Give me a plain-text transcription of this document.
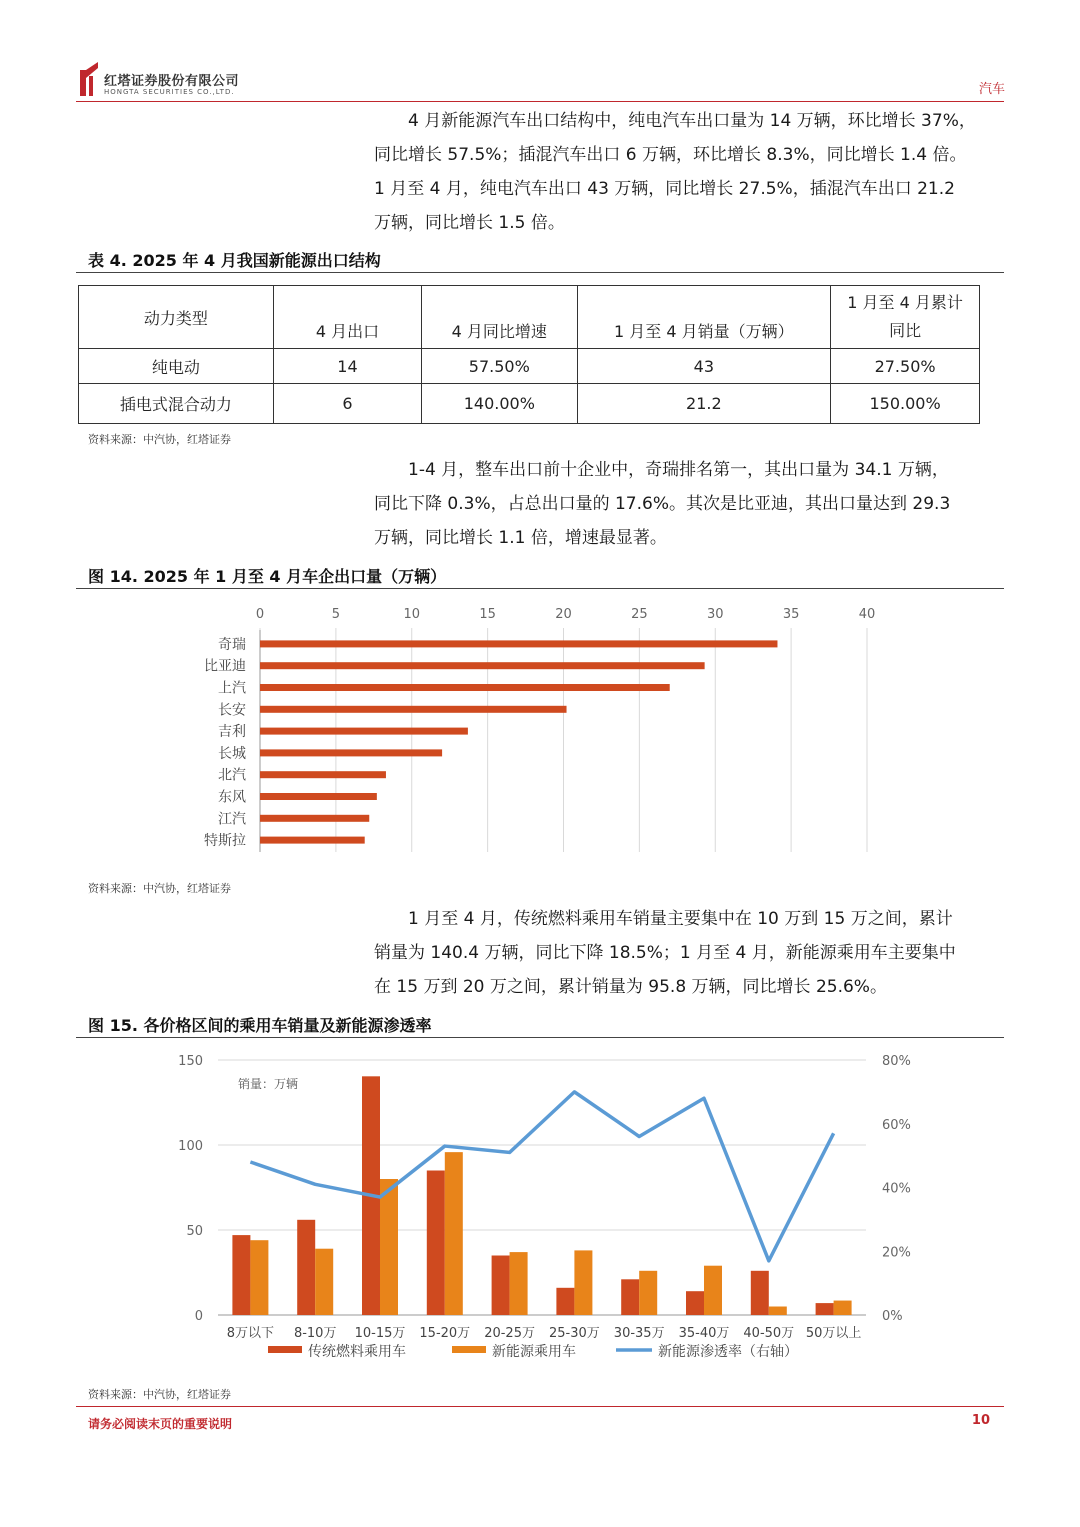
红塔证券股份有限公司
HONGTA SECURITIES CO.,LTD.	汽车

4 月新能源汽车出口结构中，纯电汽车出口量为 14 万辆，环比增长 37%，

同比增长 57.5%；插混汽车出口 6 万辆，环比增长 8.3%，同比增长 1.4 倍。

1 月至 4 月，纯电汽车出口 43 万辆，同比增长 27.5%，插混汽车出口 21.2

万辆，同比增长 1.5 倍。

表 4. 2025 年 4 月我国新能源出口结构
动力类型	4 月出口	4 月同比增速	1 月至 4 月销量（万辆）	1 月至 4 月累计同比

纯电动	14	57.50%	43	27.50%
插电式混合动力	6	140.00%	21.2	150.00%
资料来源：中汽协，红塔证券

1-4 月，整车出口前十企业中，奇瑞排名第一，其出口量为 34.1 万辆，

同比下降 0.3%，占总出口量的 17.6%。其次是比亚迪，其出口量达到 29.3

万辆，同比增长 1.1 倍，增速最显著。

图 14. 2025 年 1 月至 4 月车企出口量（万辆）
0	5	10	15	20	25	30	35	40
奇瑞
比亚迪
上汽
长安
吉利
长城
北汽
东风
江汽
特斯拉
资料来源：中汽协，红塔证券

1 月至 4 月，传统燃料乘用车销量主要集中在 10 万到 15 万之间，累计

销量为 140.4 万辆，同比下降 18.5%；1 月至 4 月，新能源乘用车主要集中

在 15 万到 20 万之间，累计销量为 95.8 万辆，同比增长 25.6%。

图 15. 各价格区间的乘用车销量及新能源渗透率
0
50
100
150
0%
20%
40%
60%
80%
销量：万辆
8万以下 8-10万 10-15万 15-20万 20-25万 25-30万 30-35万 35-40万 40-50万 50万以上
传统燃料乘用车	新能源乘用车	新能源渗透率（右轴）
资料来源：中汽协，红塔证券
请务必阅读末页的重要说明	10
